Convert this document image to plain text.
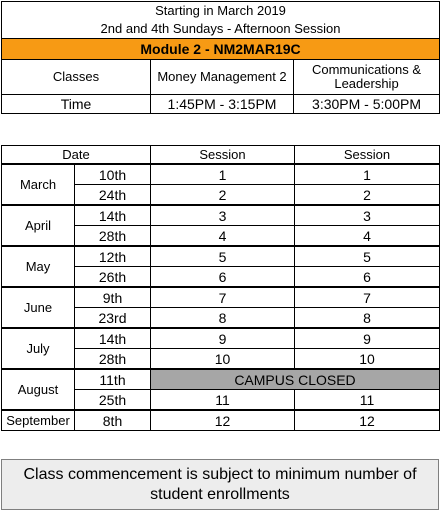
Starting in March 2019		
2nd and 4th Sundays - Afternoon Session		
Module 2 - NM2MAR19C		
Classes	Money Management 2	Communications & Leadership
Time	1:45PM - 3:15PM	3:30PM - 5:00PM
Date		Session	Session
March	10th	1	1
	24th	2	2
April	14th	3	3
	28th	4	4
May	12th	5	5
	26th	6	6
June	9th	7	7
	23rd	8	8
July	14th	9	9
	28th	10	10
August	11th	CAMPUS CLOSED	
	25th	11	11
September	8th	12	12
Class commencement is subject to minimum number of
student enrollments
